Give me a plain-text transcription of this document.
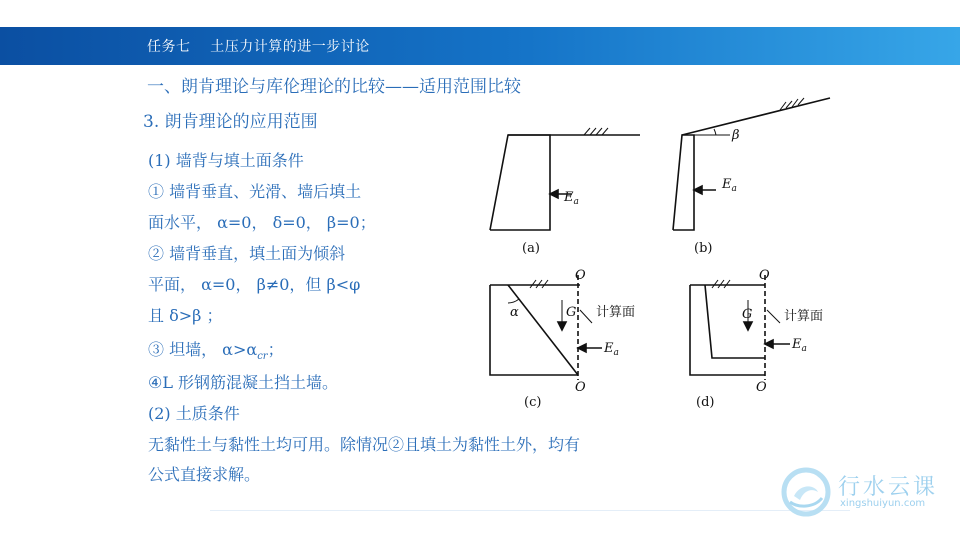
任务七    土压力计算的进一步讨论
一、朗肯理论与库伦理论的比较——适用范围比较
3. 朗肯理论的应用范围
(1) 墙背与填土面条件
① 墙背垂直、光滑、墙后填土
面水平， α=0， δ=0， β=0；
② 墙背垂直，填土面为倾斜
平面， α=0， β≠0，但 β<φ
且 δ>β ；
③ 坦墙， $\alpha>\alpha_{cr}$；
④L 形钢筋混凝土挡土墙。
(2) 土质条件
无黏性土与黏性土均可用。除情况②且填土为黏性土外，均有
公式直接求解。
$E_a$
$E_a$
β
(a)	(b)
(c)	(d)
O
O
O
O
α	G	G
计算面	计算面
$E_a$
$E_a$
行水云课
xingshuiyun.com
